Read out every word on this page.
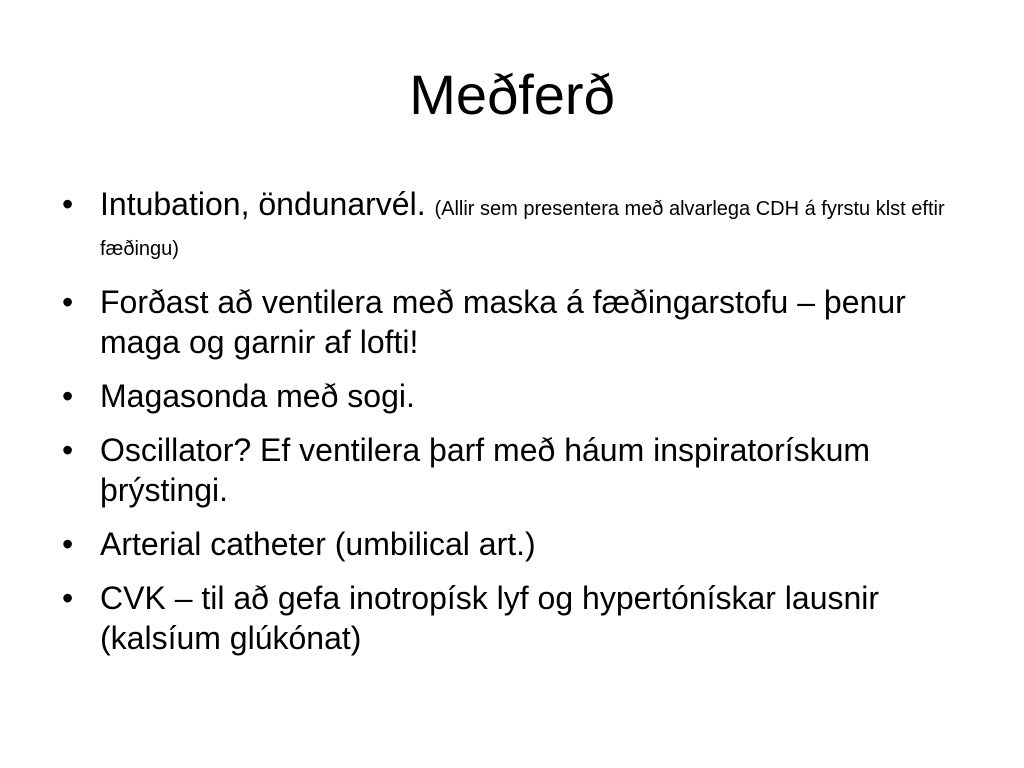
Meðferð
• Intubation, öndunarvél. (Allir sem presentera með alvarlega CDH á fyrstu klst eftir fæðingu)
• Forðast að ventilera með maska á fæðingarstofu – þenur maga og garnir af lofti!
• Magasonda með sogi.
• Oscillator? Ef ventilera þarf með háum inspiratorískum þrýstingi.
• Arterial catheter (umbilical art.)
• CVK – til að gefa inotropísk lyf og hypertónískar lausnir (kalsíum glúkónat)
